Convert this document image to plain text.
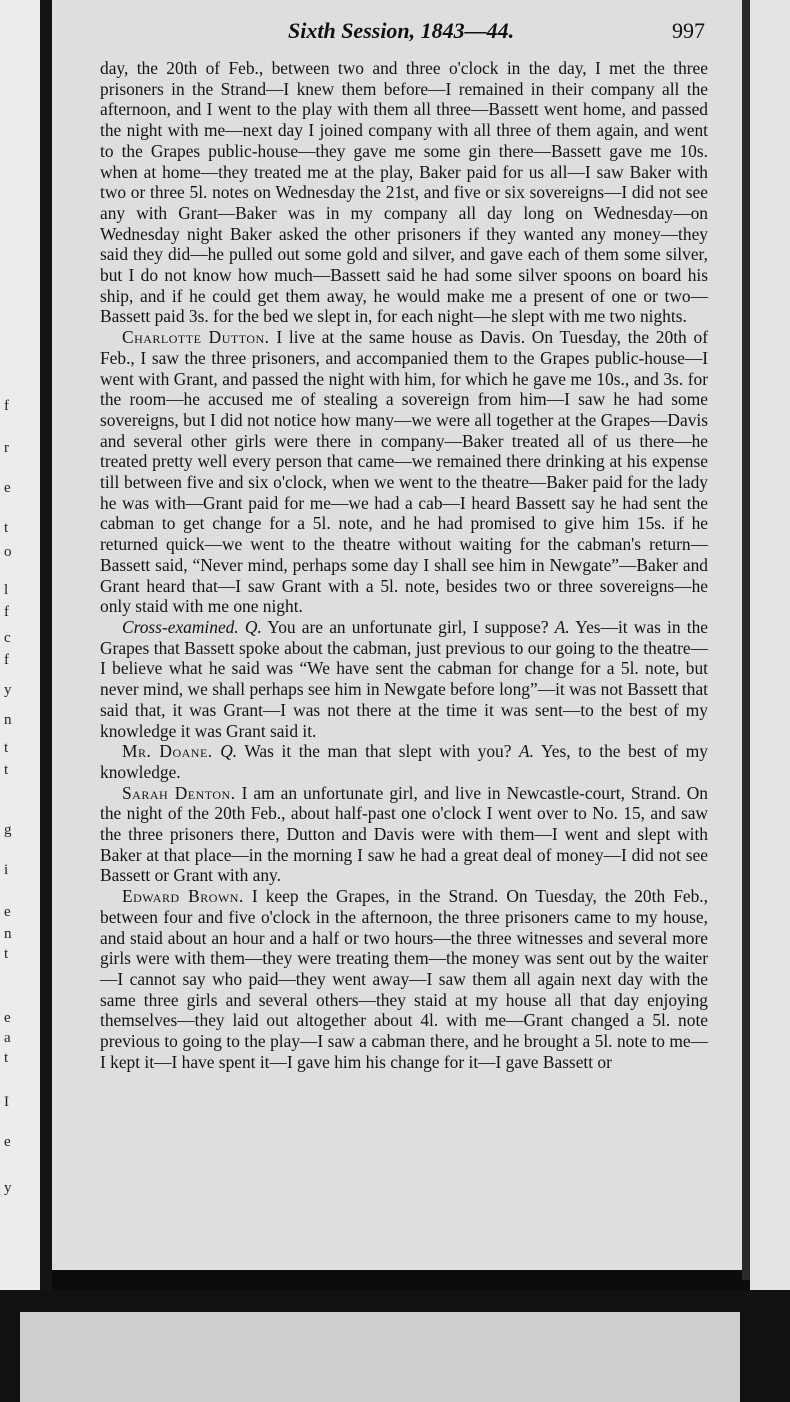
f
r
e
t
o
l
f
c
f
y
n
t
t
g
i
e
n
t
e
a
t
I
e
y
Sixth Session, 1843—44.	997

day, the 20th of Feb., between two and three o'clock in the day, I met the three prisoners in the Strand—I knew them before—I remained in their company all the afternoon, and I went to the play with them all three—Bassett went home, and passed the night with me—next day I joined company with all three of them again, and went to the Grapes public-house—they gave me some gin there—Bassett gave me 10s. when at home—they treated me at the play, Baker paid for us all—I saw Baker with two or three 5l. notes on Wednesday the 21st, and five or six sovereigns—I did not see any with Grant—Baker was in my company all day long on Wednesday—on Wednesday night Baker asked the other prisoners if they wanted any money—they said they did—he pulled out some gold and silver, and gave each of them some silver, but I do not know how much—Bassett said he had some silver spoons on board his ship, and if he could get them away, he would make me a present of one or two—Bassett paid 3s. for the bed we slept in, for each night—he slept with me two nights.

Charlotte Dutton. I live at the same house as Davis. On Tuesday, the 20th of Feb., I saw the three prisoners, and accompanied them to the Grapes public-house—I went with Grant, and passed the night with him, for which he gave me 10s., and 3s. for the room—he accused me of stealing a sovereign from him—I saw he had some sovereigns, but I did not notice how many—we were all together at the Grapes—Davis and several other girls were there in company—Baker treated all of us there—he treated pretty well every person that came—we remained there drinking at his expense till between five and six o'clock, when we went to the theatre—Baker paid for the lady he was with—Grant paid for me—we had a cab—I heard Bassett say he had sent the cabman to get change for a 5l. note, and he had promised to give him 15s. if he returned quick—we went to the theatre without waiting for the cabman's return—Bassett said, “Never mind, perhaps some day I shall see him in Newgate”—Baker and Grant heard that—I saw Grant with a 5l. note, besides two or three sovereigns—he only staid with me one night.

Cross-examined. Q. You are an unfortunate girl, I suppose? A. Yes—it was in the Grapes that Bassett spoke about the cabman, just previous to our going to the theatre—I believe what he said was “We have sent the cabman for change for a 5l. note, but never mind, we shall perhaps see him in Newgate before long”—it was not Bassett that said that, it was Grant—I was not there at the time it was sent—to the best of my knowledge it was Grant said it.

Mr. Doane. Q. Was it the man that slept with you? A. Yes, to the best of my knowledge.

Sarah Denton. I am an unfortunate girl, and live in Newcastle-court, Strand. On the night of the 20th Feb., about half-past one o'clock I went over to No. 15, and saw the three prisoners there, Dutton and Davis were with them—I went and slept with Baker at that place—in the morning I saw he had a great deal of money—I did not see Bassett or Grant with any.

Edward Brown. I keep the Grapes, in the Strand. On Tuesday, the 20th Feb., between four and five o'clock in the afternoon, the three prisoners came to my house, and staid about an hour and a half or two hours—the three witnesses and several more girls were with them—they were treating them—the money was sent out by the waiter—I cannot say who paid—they went away—I saw them all again next day with the same three girls and several others—they staid at my house all that day enjoying themselves—they laid out altogether about 4l. with me—Grant changed a 5l. note previous to going to the play—I saw a cabman there, and he brought a 5l. note to me—I kept it—I have spent it—I gave him his change for it—I gave Bassett or
